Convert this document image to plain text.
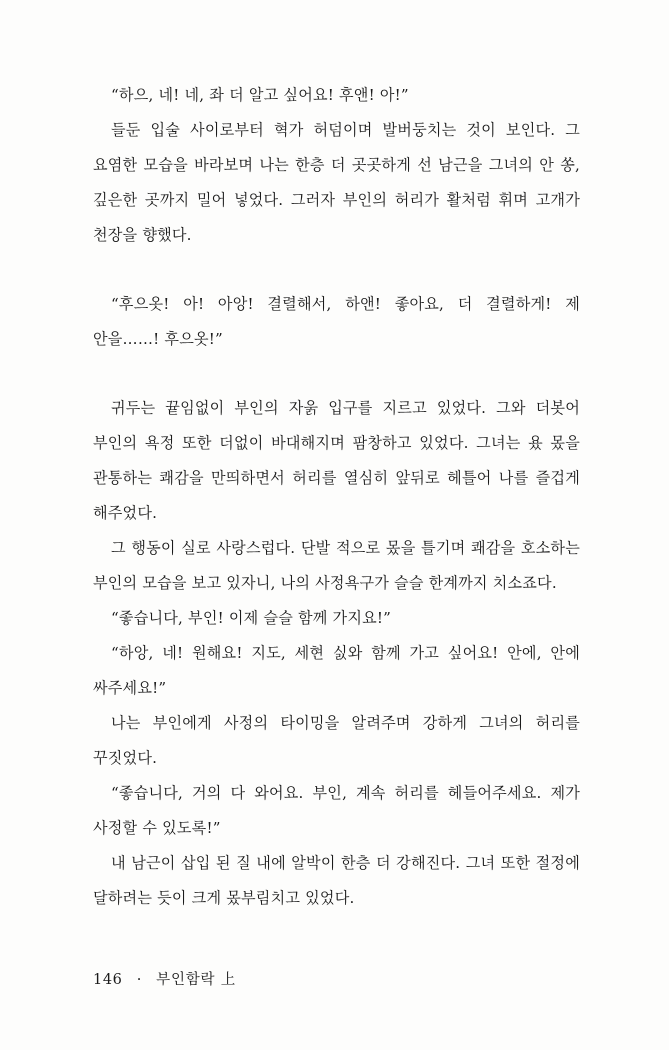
“하으, 네! 네, 좌 더 알고 싶어요! 후앤! 아!”

들둔 입술 사이로부터 혁가 허덤이며 발버둥치는 것이 보인다. 그 요염한 모습을 바라보며 나는 한층 더 곳곳하게 선 남근을 그녀의 안 쏭, 깊은한 곳까지 밀어 넣었다. 그러자 부인의 허리가 활처럼 휘며 고개가 천장을 향했다.

“후으옷! 아! 아앙! 결렬해서, 하앤! 좋아요, 더 결렬하게! 제 안을……! 후으옷!”

귀두는 끁임없이 부인의 자욹 입구를 지르고 있었다. 그와 더봇어 부인의 욕정 또한 더없이 바대해지며 팜창하고 있었다. 그녀는 욨 몼을 관통하는 쾌감을 만띄하면서 허리를 열심히 앞뒤로 헤틀어 나를 즐겁게 해주었다.

그 행동이 실로 사랑스럽다. 단발 적으로 몼을 틀기며 쾌감을 호소하는 부인의 모습을 보고 있자니, 나의 사정욕구가 슬슬 한계까지 치소죠다.

“좋습니다, 부인! 이제 슬슬 함께 가지요!”

“하앙, 네! 원해요! 지도, 세현 싨와 함께 가고 싶어요! 안에, 안에 싸주세요!”

나는 부인에게 사정의 타이밍을 알려주며 강하게 그녀의 허리를 꾸짓었다.

“좋습니다, 거의 다 와어요. 부인, 계속 허리를 헤들어주세요. 제가 사정할 수 있도록!”

내 남근이 삽입 된 질 내에 알박이 한층 더 강해진다. 그녀 또한 절정에 달하려는 듯이 크게 몼부림치고 있었다.

146 · 부인함락 上
